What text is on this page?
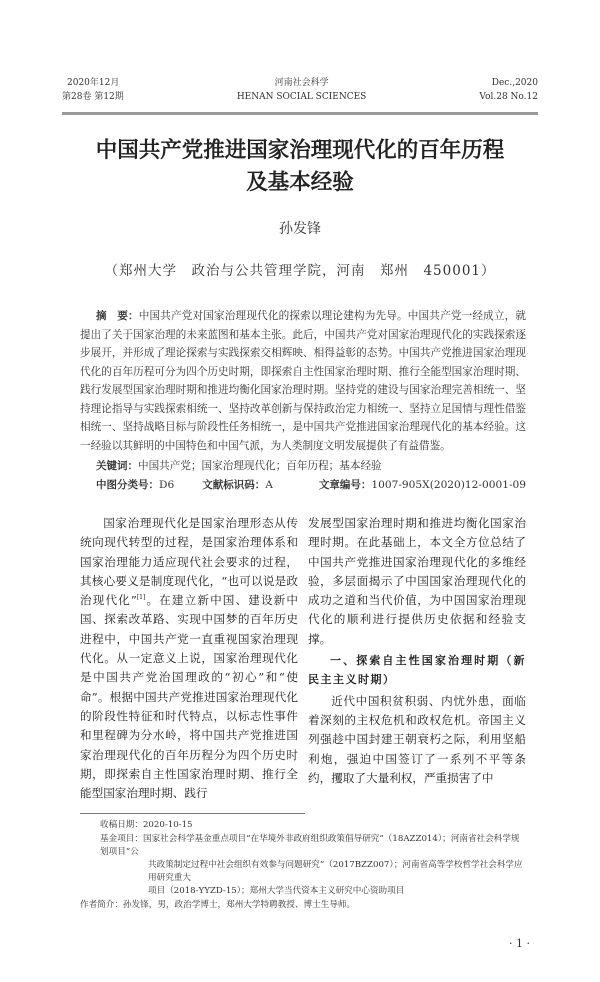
2020年12月
第28卷 第12期
河南社会科学
HENAN SOCIAL SCIENCES
Dec.,2020
Vol.28 No.12
中国共产党推进国家治理现代化的百年历程
及基本经验
孙发锋
（郑州大学　政治与公共管理学院，河南　郑州　450001）
摘　要：中国共产党对国家治理现代化的探索以理论建构为先导。中国共产党一经成立，就提出了关于国家治理的未来蓝图和基本主张。此后，中国共产党对国家治理现代化的实践探索逐步展开，并形成了理论探索与实践探索交相辉映、相得益彰的态势。中国共产党推进国家治理现代化的百年历程可分为四个历史时期，即探索自主性国家治理时期、推行全能型国家治理时期、践行发展型国家治理时期和推进均衡化国家治理时期。坚持党的建设与国家治理完善相统一、坚持理论指导与实践探索相统一、坚持改革创新与保持政治定力相统一、坚持立足国情与理性借鉴相统一、坚持战略目标与阶段性任务相统一，是中国共产党推进国家治理现代化的基本经验。这一经验以其鲜明的中国特色和中国气派，为人类制度文明发展提供了有益借鉴。
关键词：中国共产党；国家治理现代化；百年历程；基本经验
中图分类号：D6	文献标识码：A	文章编号：1007-905X(2020)12-0001-09

国家治理现代化是国家治理形态从传统向现代转型的过程，是国家治理体系和国家治理能力适应现代社会要求的过程，其核心要义是制度现代化，“也可以说是政治现代化”[1]。在建立新中国、建设新中国、探索改革路、实现中国梦的百年历史进程中，中国共产党一直重视国家治理现代化。从一定意义上说，国家治理现代化是中国共产党治国理政的“初心”和“使命”。根据中国共产党推进国家治理现代化的阶段性特征和时代特点，以标志性事件和里程碑为分水岭，将中国共产党推进国家治理现代化的百年历程分为四个历史时期，即探索自主性国家治理时期、推行全能型国家治理时期、践行

发展型国家治理时期和推进均衡化国家治理时期。在此基础上，本文全方位总结了中国共产党推进国家治理现代化的多维经验，多层面揭示了中国国家治理现代化的成功之道和当代价值，为中国国家治理现代化的顺利进行提供历史依据和经验支撑。

一、探索自主性国家治理时期（新民主主义时期）

近代中国积贫积弱、内忧外患，面临着深刻的主权危机和政权危机。帝国主义列强趁中国封建王朝衰朽之际，利用坚船利炮，强迫中国签订了一系列不平等条约，攫取了大量利权，严重损害了中

收稿日期：2020-10-15
基金项目：国家社会科学基金重点项目“在华境外非政府组织政策倡导研究”（18AZZ014）；河南省社会科学规划项目“公
共政策制定过程中社会组织有效参与问题研究”（2017BZZ007）；河南省高等学校哲学社会科学应用研究重大
项目（2018-YYZD-15）；郑州大学当代资本主义研究中心资助项目
作者简介：孙发锋，男，政治学博士，郑州大学特聘教授、博士生导师。
· 1 ·
